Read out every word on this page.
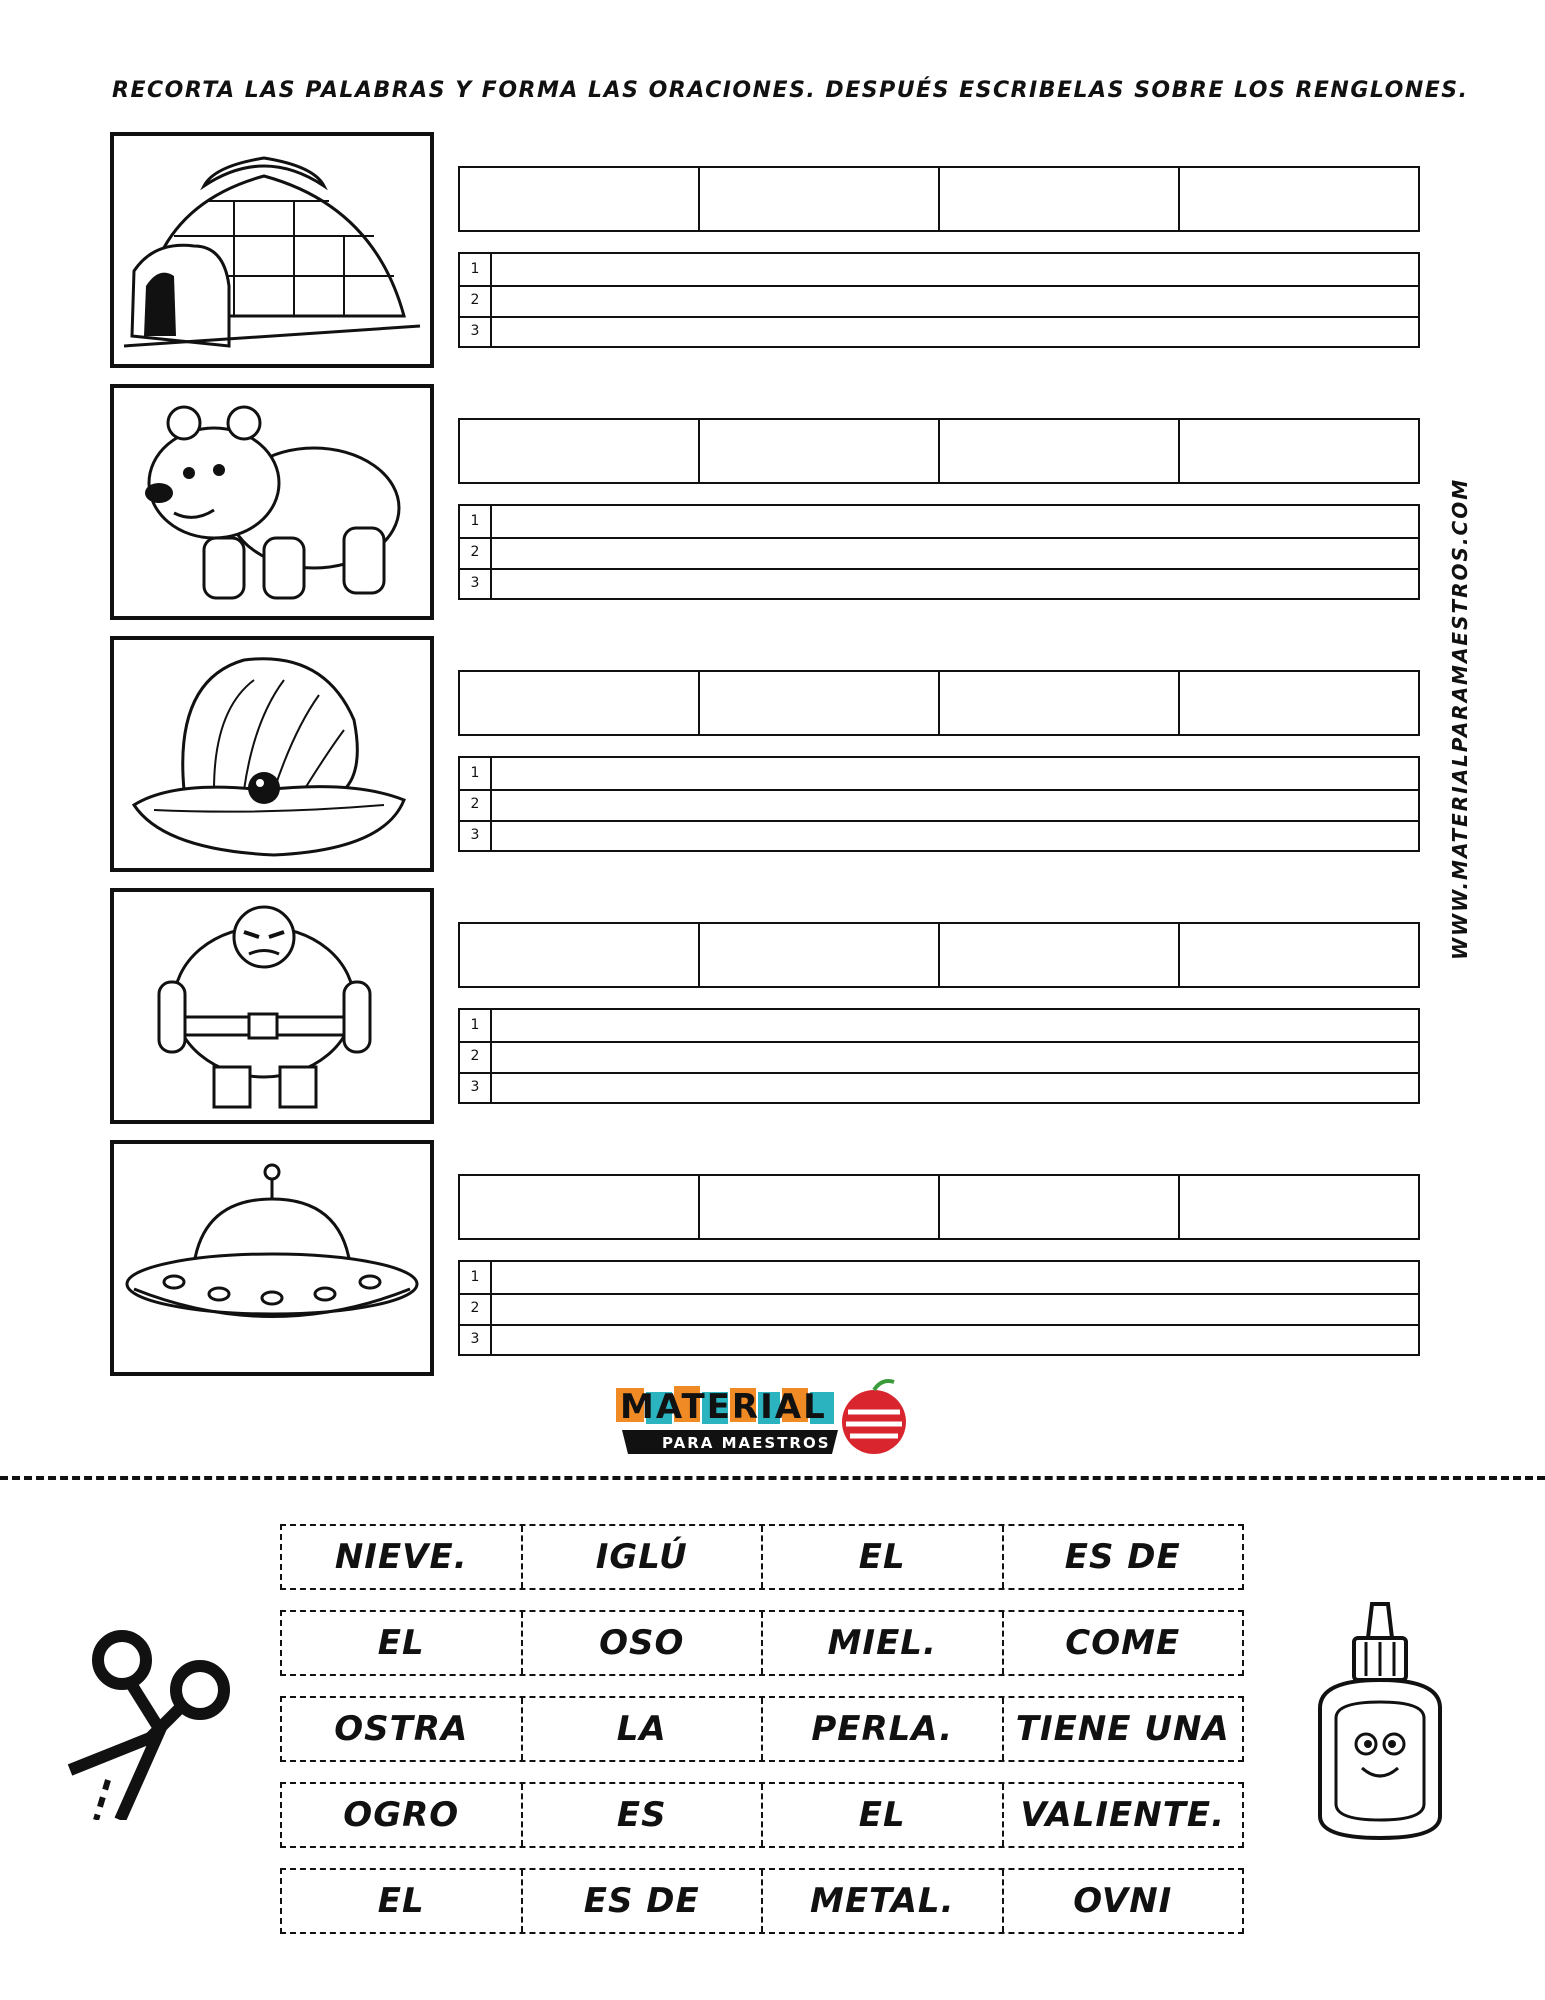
RECORTA LAS PALABRAS Y FORMA LAS ORACIONES. DESPUÉS ESCRIBELAS SOBRE LOS RENGLONES.
1
2
3
1
2
3
1
2
3
1
2
3
1
2
3
WWW.MATERIALPARAMAESTROS.COM
MATERIAL
PARA MAESTROS
NIEVE.	IGLÚ	EL	ES DE
EL	OSO	MIEL.	COME
OSTRA	LA	PERLA.	TIENE UNA
OGRO	ES	EL	VALIENTE.
EL	ES DE	METAL.	OVNI
